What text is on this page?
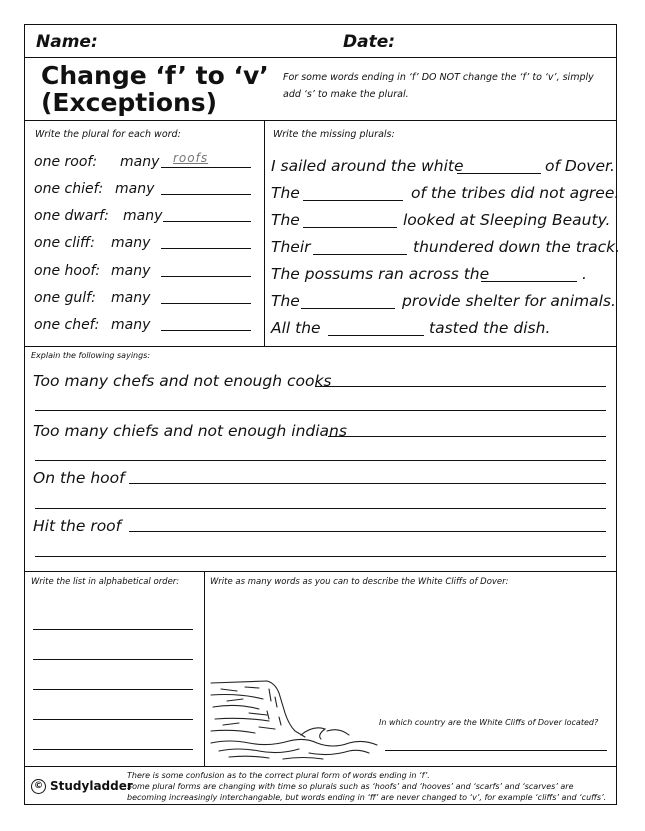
Name:	Date:
Change ‘f’ to ‘v’
(Exceptions)
For some words ending in ‘f’ DO NOT change the ‘f’ to ‘v’, simply add ‘s’ to make the plural.
Write the plural for each word:
one roof: many roofs
one chief: many
one dwarf: many
one cliff: many
one hoof: many
one gulf: many
one chef: many
Write the missing plurals:
I sailed around the white	of Dover.
The	of the tribes did not agree.
The	looked at Sleeping Beauty.
Their	thundered down the track.
The possums ran across the	.
The	provide shelter for animals.
All the	tasted the dish.
Explain the following sayings:
Too many chefs and not enough cooks
Too many chiefs and not enough indians
On the hoof
Hit the roof
Write the list in alphabetical order:	Write as many words as you can to describe the White Cliffs of Dover:
In which country are the White Cliffs of Dover located?
© Studyladder
There is some confusion as to the correct plural form of words ending in ‘f’.
Some plural forms are changing with time so plurals such as ‘hoofs’ and ‘hooves’ and ‘scarfs’ and ‘scarves’ are becoming increasingly interchangable, but words ending in ‘ff’ are never changed to ‘v’, for example ‘cliffs’ and ‘cuffs’.
